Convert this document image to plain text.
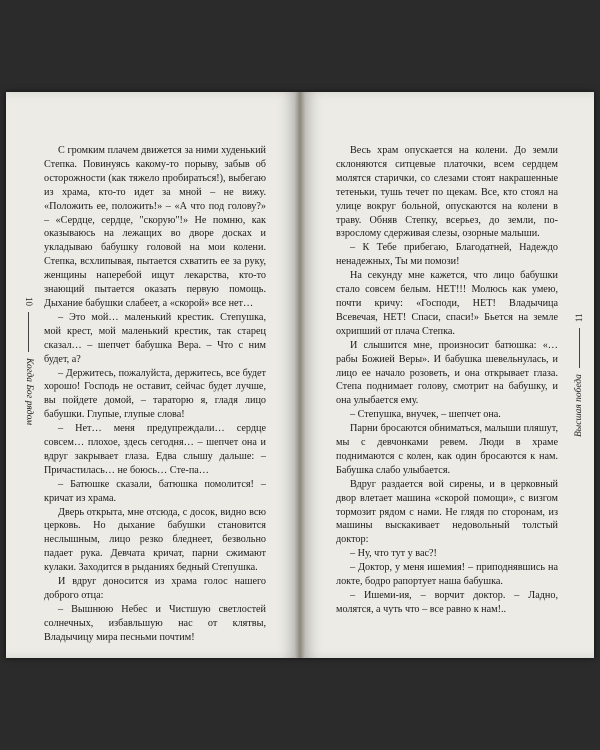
10
Когда Бог рядом

С громким плачем движется за ними худенький Степка. Повинуясь какому-то порыву, забыв об осторожности (как тяжело пробираться!), выбегаю из храма, кто-то идет за мной – не вижу. «Положить ее, положить!» – «А что под голову?» – «Сердце, сердце, "скорую"!» Не помню, как оказываюсь на лежащих во дворе досках и укладываю бабушку головой на мои колени. Степка, всхлипывая, пытается схватить ее за руку, женщины наперебой ищут лекарства, кто-то знающий пытается оказать первую помощь. Дыхание бабушки слабеет, а «скорой» все нет…

– Это мой… маленький крестик. Степушка, мой крест, мой маленький крестик, так старец сказал… – шепчет бабушка Вера. – Что с ним будет, а?

– Держитесь, пожалуйста, держитесь, все будет хорошо! Господь не оставит, сейчас будет лучше, вы пойдете домой, – тараторю я, гладя лицо бабушки. Глупые, глупые слова!

– Нет… меня предупреждали… сердце совсем… плохое, здесь сегодня… – шепчет она и вдруг закрывает глаза. Едва слышу дальше: – Причастилась… не боюсь… Сте-па…

– Батюшке сказали, батюшка помолится! – кричат из храма.

Дверь открыта, мне отсюда, с досок, видно всю церковь. Но дыхание бабушки становится неслышным, лицо резко бледнеет, безвольно падает рука. Девчата кричат, парни сжимают кулаки. Заходится в рыданиях бедный Степушка.

И вдруг доносится из храма голос нашего доброго отца:

– Вышнюю Небес и Чистшую светлостей солнечных, избавльшую нас от клятвы, Владычицу мира песньми почтим!

Высшая победа
11

Весь храм опускается на колени. До земли склоняются ситцевые платочки, всем сердцем молятся старички, со слезами стоят накрашенные тетеньки, тушь течет по щекам. Все, кто стоял на улице вокруг больной, опускаются на колени в траву. Обняв Степку, всерьез, до земли, по-взрослому сдерживая слезы, озорные малыши.

– К Тебе прибегаю, Благодатней, Надеждо ненадежных, Ты ми помози!

На секунду мне кажется, что лицо бабушки стало совсем белым. НЕТ!!! Молюсь как умею, почти кричу: «Господи, НЕТ! Владычица Всевечая, НЕТ! Спаси, спаси!» Бьется на земле охрипший от плача Степка.

И слышится мне, произносит батюшка: «…рабы Божией Веры». И бабушка шевельнулась, и лицо ее начало розоветь, и она открывает глаза. Степа поднимает голову, смотрит на бабушку, и она улыбается ему.

– Степушка, внучек, – шепчет она.

Парни бросаются обниматься, малыши пляшут, мы с девчонками ревем. Люди в храме поднимаются с колен, как один бросаются к нам. Бабушка слабо улыбается.

Вдруг раздается вой сирены, и в церковный двор влетает машина «скорой помощи», с визгом тормозит рядом с нами. Не глядя по сторонам, из машины выскакивает недовольный толстый доктор:

– Ну, что тут у вас?!

– Доктор, у меня ишемия! – приподнявшись на локте, бодро рапортует наша бабушка.

– Ишеми-ия, – ворчит доктор. – Ладно, молятся, а чуть что – все равно к нам!..
